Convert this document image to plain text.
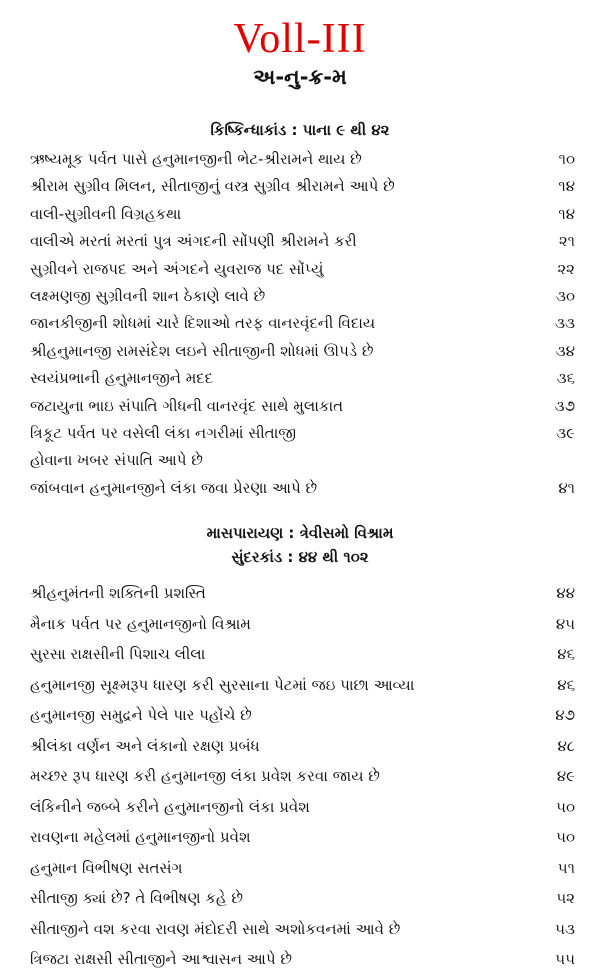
Voll-III
અ-નુ-ક્ર-મ
કિષ્કિન્ધાકાંડ : પાના ૯ થી ૪૨
ઋષ્યમૂક પર્વત પાસે હનુમાનજીની ભેટ-શ્રીરામને થાય છે	૧૦
શ્રીરામ સુગ્રીવ મિલન, સીતાજીનું વસ્ત્ર સુગ્રીવ શ્રીરામને આપે છે	૧૪
વાલી-સુગ્રીવની વિગ્રહકથા	૧૪
વાલીએ મરતાં મરતાં પુત્ર અંગદની સોંપણી શ્રીરામને કરી	૨૧
સુગ્રીવને રાજપદ અને અંગદને યુવરાજ પદ સોંપ્યું	૨૨
લક્ષ્મણજી સુગ્રીવની શાન ઠેકાણે લાવે છે	૩૦
જાનકીજીની શોધમાં ચારે દિશાઓ તરફ વાનરવૃંદની વિદાય	૩૩
શ્રીહનુમાનજી રામસંદેશ લઇને સીતાજીની શોધમાં ઊપડે છે	૩૪
સ્વયંપ્રભાની હનુમાનજીને મદદ	૩૬
જટાયુના ભાઇ સંપાતિ ગીધની વાનરવૃંદ સાથે મુલાકાત	૩૭
ત્રિકૂટ પર્વત પર વસેલી લંકા નગરીમાં સીતાજી	૩૯
હોવાના ખબર સંપાતિ આપે છે
જાંબવાન હનુમાનજીને લંકા જવા પ્રેરણા આપે છે	૪૧
માસપારાયણ : ત્રેવીસમો વિશ્રામ
સુંદરકાંડ : ૪૪ થી ૧૦૨
શ્રીહનુમંતની શક્તિની પ્રશસ્તિ	૪૪
મૈનાક પર્વત પર હનુમાનજીનો વિશ્રામ	૪૫
સુરસા રાક્ષસીની પિશાચ લીલા	૪૬
હનુમાનજી સૂક્ષ્મરૂપ ધારણ કરી સુરસાના પેટમાં જઇ પાછા આવ્યા	૪૬
હનુમાનજી સમુદ્રને પેલે પાર પહોંચે છે	૪૭
શ્રીલંકા વર્ણન અને લંકાનો રક્ષણ પ્રબંધ	૪૮
મચ્છર રૂપ ધારણ કરી હનુમાનજી લંકા પ્રવેશ કરવા જાય છે	૪૯
લંકિનીને જબ્બે કરીને હનુમાનજીનો લંકા પ્રવેશ	૫૦
રાવણના મહેલમાં હનુમાનજીનો પ્રવેશ	૫૦
હનુમાન વિભીષણ સતસંગ	૫૧
સીતાજી ક્યાં છે? તે વિભીષણ કહે છે	૫૨
સીતાજીને વશ કરવા રાવણ મંદોદરી સાથે અશોકવનમાં આવે છે	૫૩
ત્રિજટા રાક્ષસી સીતાજીને આશ્વાસન આપે છે	૫૫
